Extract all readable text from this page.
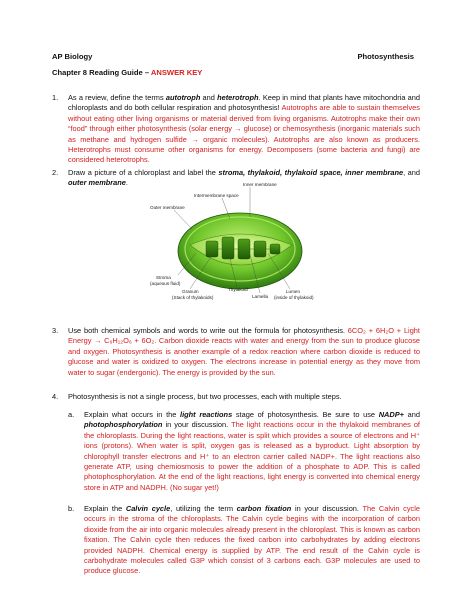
AP Biology	Photosynthesis
Chapter 8 Reading Guide – ANSWER KEY
1.	As a review, define the terms autotroph and heterotroph. Keep in mind that plants have mitochondria and chloroplasts and do both cellular respiration and photosynthesis! Autotrophs are able to sustain themselves without eating other living organisms or material derived from living organisms. Autotrophs make their own “food” through either photosynthesis (solar energy → glucose) or chemosynthesis (inorganic materials such as methane and hydrogen sulfide → organic molecules). Autotrophs are also known as producers. Heterotrophs must consume other organisms for energy. Decomposers (some bacteria and fungi) are considered heterotrophs.
2.	Draw a picture of a chloroplast and label the stroma, thylakoid, thylakoid space, inner membrane, and outer membrane.	Inner membrane
Intermembrane space
Outer membrane
Stroma
(aqueous fluid)
Granum
(Stack of thylakoids)
Thylakoid
Lamella
Lumen
(inside of thylakoid)
3.	Use both chemical symbols and words to write out the formula for photosynthesis. 6CO₂ + 6H₂O + Light Energy → C₆H₁₂O₆ + 6O₂. Carbon dioxide reacts with water and energy from the sun to produce glucose and oxygen. Photosynthesis is another example of a redox reaction where carbon dioxide is reduced to glucose and water is oxidized to oxygen. The electrons increase in potential energy as they move from water to sugar (endergonic). The energy is provided by the sun.
4.	Photosynthesis is not a single process, but two processes, each with multiple steps.
a.	Explain what occurs in the light reactions stage of photosynthesis. Be sure to use NADP+ and photophosphorylation in your discussion. The light reactions occur in the thylakoid membranes of the chloroplasts. During the light reactions, water is split which provides a source of electrons and H⁺ ions (protons). When water is split, oxygen gas is released as a byproduct. Light absorption by chlorophyll transfer electrons and H⁺ to an electron carrier called NADP+. The light reactions also generate ATP, using chemiosmosis to power the addition of a phosphate to ADP. This is called photophosphorylation. At the end of the light reactions, light energy is converted into chemical energy store in ATP and NADPH. (No sugar yet!)
b.	Explain the Calvin cycle, utilizing the term carbon fixation in your discussion. The Calvin cycle occurs in the stroma of the chloroplasts. The Calvin cycle begins with the incorporation of carbon dioxide from the air into organic molecules already present in the chloroplast. This is known as carbon fixation. The Calvin cycle then reduces the fixed carbon into carbohydrates by adding electrons provided NADPH. Chemical energy is supplied by ATP. The end result of the Calvin cycle is carbohydrate molecules called G3P which consist of 3 carbons each. G3P molecules are used to produce glucose.
